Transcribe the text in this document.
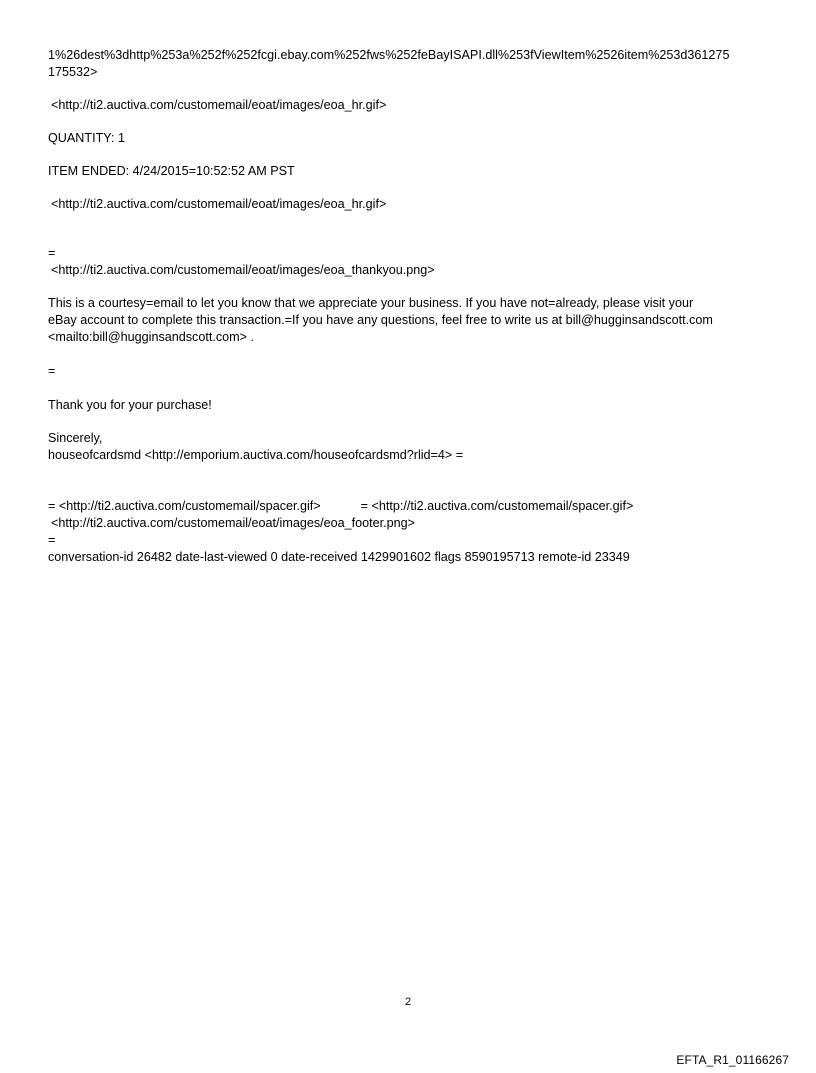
1%26dest%3dhttp%253a%252f%252fcgi.ebay.com%252fws%252feBayISAPI.dll%253fViewItem%2526item%253d361275
175532>
<http://ti2.auctiva.com/customemail/eoat/images/eoa_hr.gif>
QUANTITY: 1
ITEM ENDED: 4/24/2015=10:52:52 AM PST
<http://ti2.auctiva.com/customemail/eoat/images/eoa_hr.gif>
=
<http://ti2.auctiva.com/customemail/eoat/images/eoa_thankyou.png>
This is a courtesy=email to let you know that we appreciate your business. If you have not=already, please visit your
eBay account to complete this transaction.=If you have any questions, feel free to write us at bill@hugginsandscott.com
<mailto:bill@hugginsandscott.com> .
=
Thank you for your purchase!
Sincerely,
houseofcardsmd <http://emporium.auctiva.com/houseofcardsmd?rlid=4> =
= <http://ti2.auctiva.com/customemail/spacer.gif>	= <http://ti2.auctiva.com/customemail/spacer.gif>
<http://ti2.auctiva.com/customemail/eoat/images/eoa_footer.png>
=
conversation-id 26482 date-last-viewed 0 date-received 1429901602 flags 8590195713 remote-id 23349
2
EFTA_R1_01166267
